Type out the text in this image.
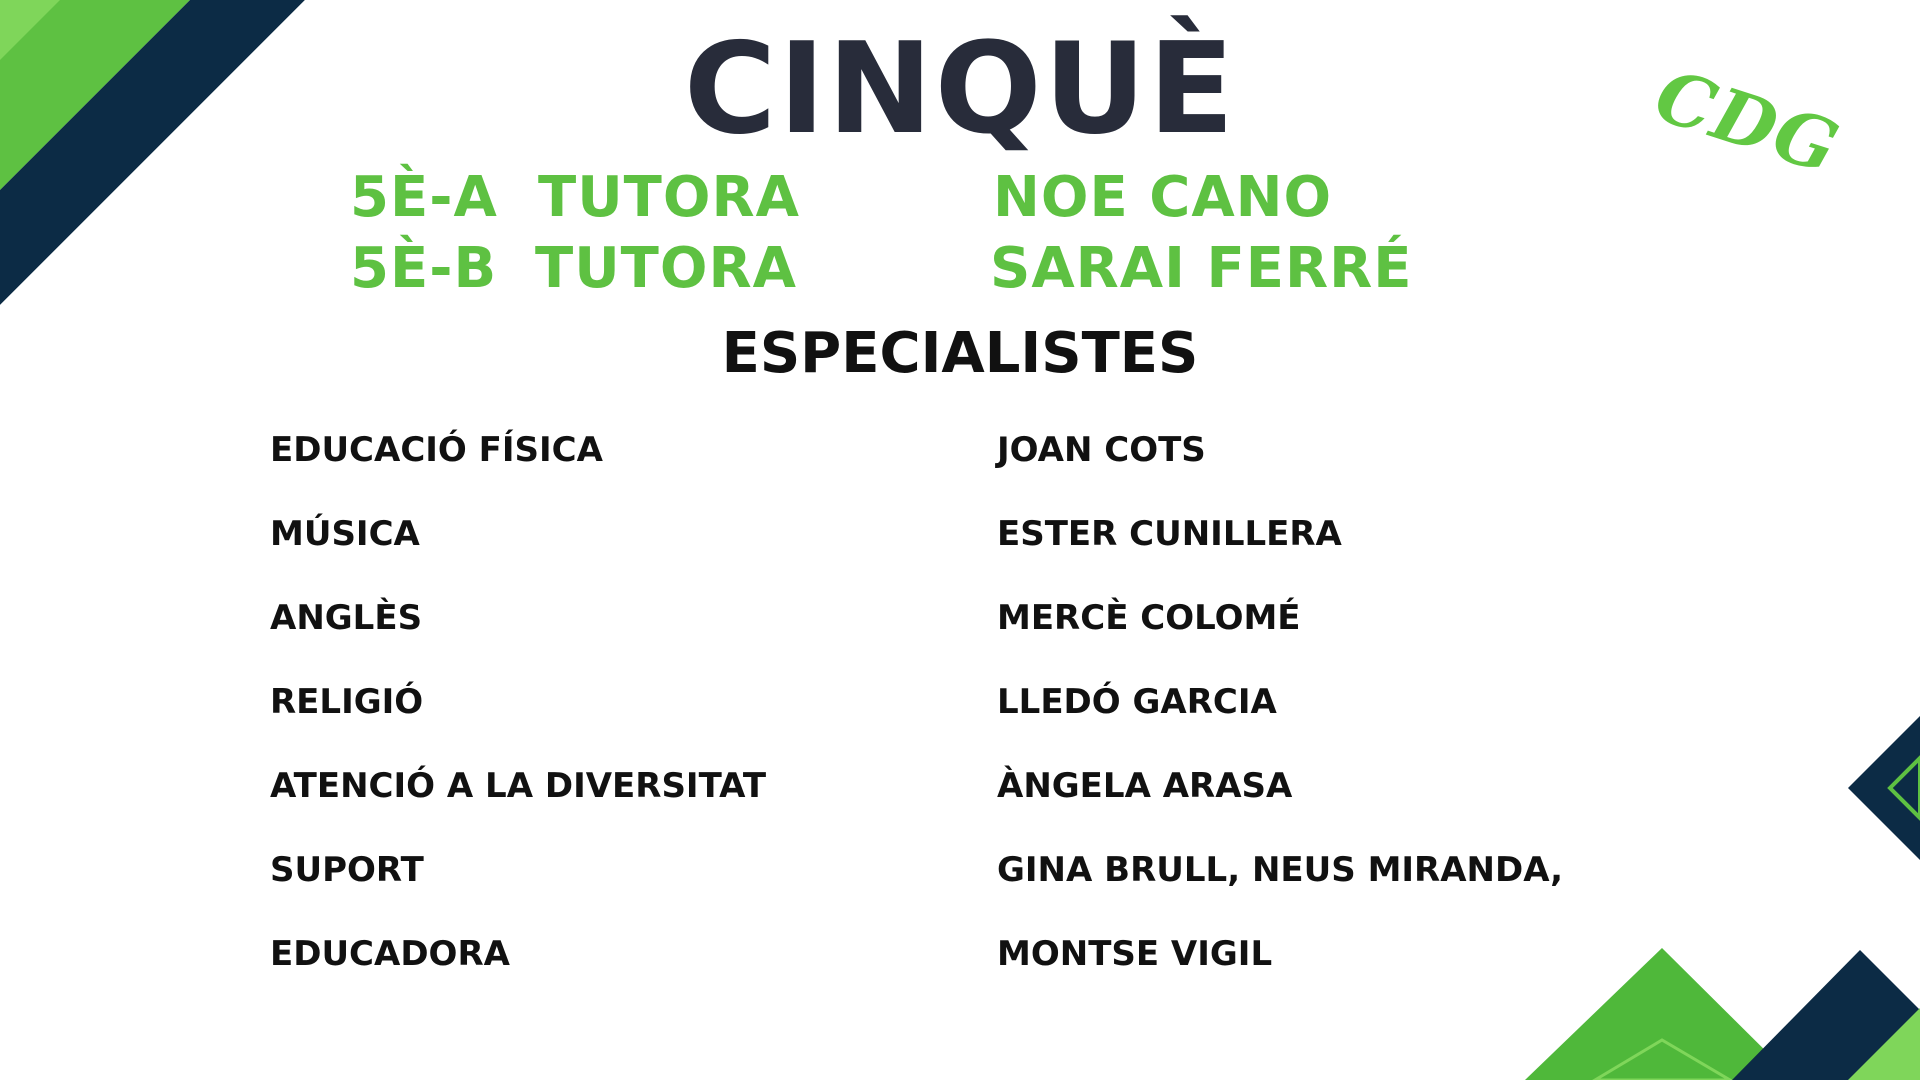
CINQUÈ	CDG
5È-A TUTORA	NOE CANO
5È-B TUTORA	SARAI FERRÉ
ESPECIALISTES
EDUCACIÓ FÍSICA	JOAN COTS
MÚSICA	ESTER CUNILLERA
ANGLÈS	MERCÈ COLOMÉ
RELIGIÓ	LLEDÓ GARCIA
ATENCIÓ A LA DIVERSITAT	ÀNGELA ARASA
SUPORT	GINA BRULL, NEUS MIRANDA,
EDUCADORA	MONTSE VIGIL
